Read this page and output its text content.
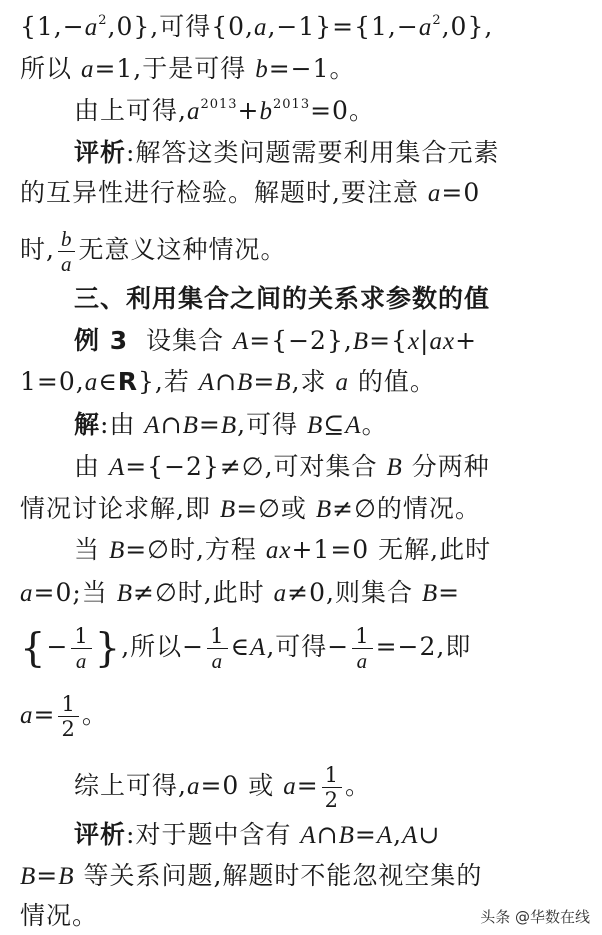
$\{1,-a^2,0\}$,可得$\{0,a,-1\}=\{1,-a^2,0\}$,
所以 a=1,于是可得 b=−1。
由上可得$,a^{2013}+b^{2013}=0$。
评析:解答这类问题需要利用集合元素
的互异性进行检验。解题时,要注意 a=0
时, $\frac{b}{a}$ 无意义这种情况。
三、利用集合之间的关系求参数的值
例 3  设集合 A={−2},B={x|ax+
1=0,a∈R},若 A∩B=B,求 a 的值。
解:由 A∩B=B,可得 B⊆A。
由 A={−2}≠∅,可对集合 B 分两种
情况讨论求解,即 B=∅或 B≠∅的情况。
当 B=∅时,方程 ax+1=0 无解,此时
a=0;当 B≠∅时,此时 a≠0,则集合 B=
{− $\frac{1}{a}$ },所以− $\frac{1}{a}$ ∈A,可得− $\frac{1}{a} =-2$,即
$a= \frac{1}{2}$ 。
综上可得,a=0 或 $a= \frac{1}{2}$ 。
评析:对于题中含有 A∩B=A,A∪
B=B 等关系问题,解题时不能忽视空集的
情况。	头条 @华数在线
